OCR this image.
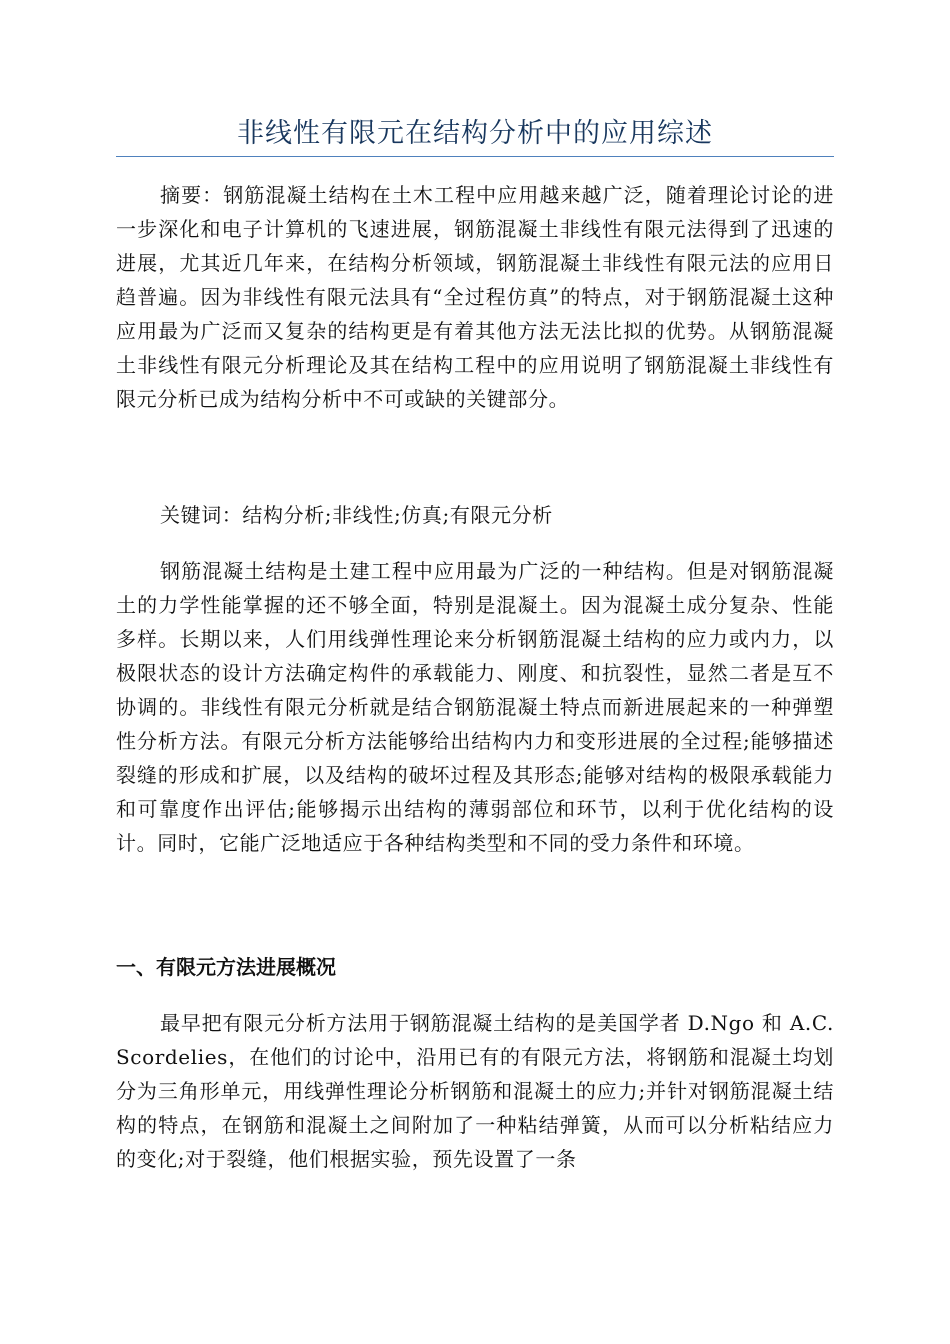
非线性有限元在结构分析中的应用综述
摘要：钢筋混凝土结构在土木工程中应用越来越广泛，随着理论讨论的进一步深化和电子计算机的飞速进展，钢筋混凝土非线性有限元法得到了迅速的进展，尤其近几年来，在结构分析领域，钢筋混凝土非线性有限元法的应用日趋普遍。因为非线性有限元法具有“全过程仿真”的特点，对于钢筋混凝土这种应用最为广泛而又复杂的结构更是有着其他方法无法比拟的优势。从钢筋混凝土非线性有限元分析理论及其在结构工程中的应用说明了钢筋混凝土非线性有限元分析已成为结构分析中不可或缺的关键部分。
关键词：结构分析;非线性;仿真;有限元分析
钢筋混凝土结构是土建工程中应用最为广泛的一种结构。但是对钢筋混凝土的力学性能掌握的还不够全面，特别是混凝土。因为混凝土成分复杂、性能多样。长期以来，人们用线弹性理论来分析钢筋混凝土结构的应力或内力，以极限状态的设计方法确定构件的承载能力、刚度、和抗裂性，显然二者是互不协调的。非线性有限元分析就是结合钢筋混凝土特点而新进展起来的一种弹塑性分析方法。有限元分析方法能够给出结构内力和变形进展的全过程;能够描述裂缝的形成和扩展，以及结构的破坏过程及其形态;能够对结构的极限承载能力和可靠度作出评估;能够揭示出结构的薄弱部位和环节，以利于优化结构的设计。同时，它能广泛地适应于各种结构类型和不同的受力条件和环境。
一、有限元方法进展概况
最早把有限元分析方法用于钢筋混凝土结构的是美国学者 D.Ngo 和 A.C.Scordelies，在他们的讨论中，沿用已有的有限元方法，将钢筋和混凝土均划分为三角形单元，用线弹性理论分析钢筋和混凝土的应力;并针对钢筋混凝土结构的特点，在钢筋和混凝土之间附加了一种粘结弹簧，从而可以分析粘结应力的变化;对于裂缝，他们根据实验，预先设置了一条
